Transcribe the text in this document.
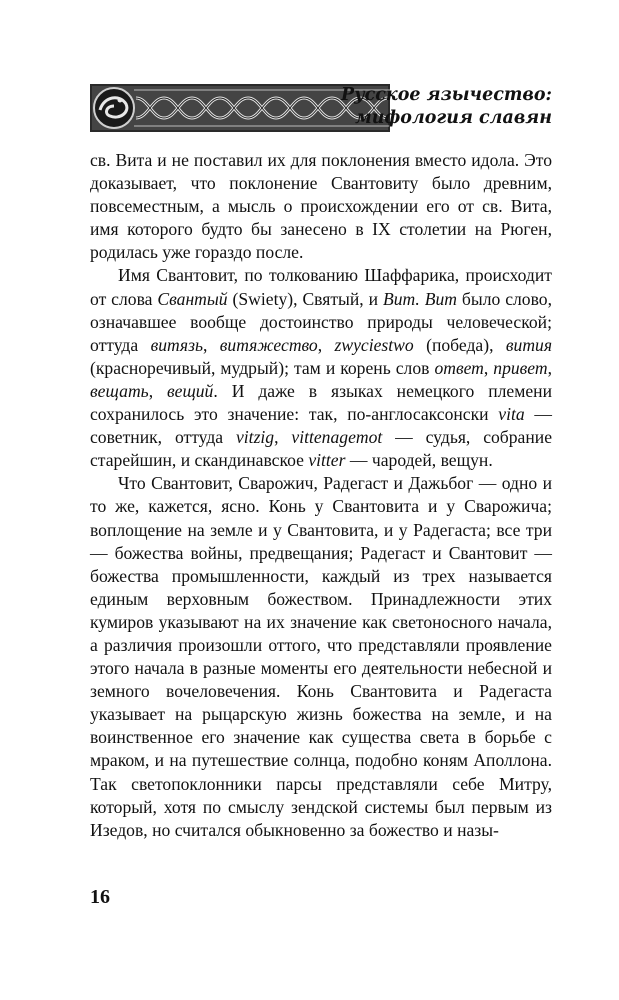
Русское язычество:
мифология славян

св. Вита и не поставил их для поклонения вместо идола. Это доказывает, что поклонение Свантовиту было древним, повсеместным, а мысль о происхождении его от св. Вита, имя которого будто бы занесено в IX столетии на Рюген, родилась уже гораздо после.

Имя Свантовит, по толкованию Шаффарика, происходит от слова Свантый (Swiety), Святый, и Вит. Вит было слово, означавшее вообще достоинство природы человеческой; оттуда витязь, витяжество, zwyciestwo (победа), вития (красноречивый, мудрый); там и корень слов ответ, привет, вещать, вещий. И даже в языках немецкого племени сохранилось это значение: так, по-англосаксонски vita — советник, оттуда vitzig, vittenagemot — судья, собрание старейшин, и скандинавское vitter — чародей, вещун.

Что Свантовит, Сварожич, Радегаст и Дажьбог — одно и то же, кажется, ясно. Конь у Свантовита и у Сварожича; воплощение на земле и у Свантовита, и у Радегаста; все три — божества войны, предвещания; Радегаст и Свантовит — божества промышленности, каждый из трех называется единым верховным божеством. Принадлежности этих кумиров указывают на их значение как светоносного начала, а различия произошли оттого, что представляли проявление этого начала в разные моменты его деятельности небесной и земного вочеловечения. Конь Свантовита и Радегаста указывает на рыцарскую жизнь божества на земле, и на воинственное его значение как существа света в борьбе с мраком, и на путешествие солнца, подобно коням Аполлона. Так светопоклонники парсы представляли себе Митру, который, хотя по смыслу зендской системы был первым из Изедов, но считался обыкновенно за божество и назы-

16
